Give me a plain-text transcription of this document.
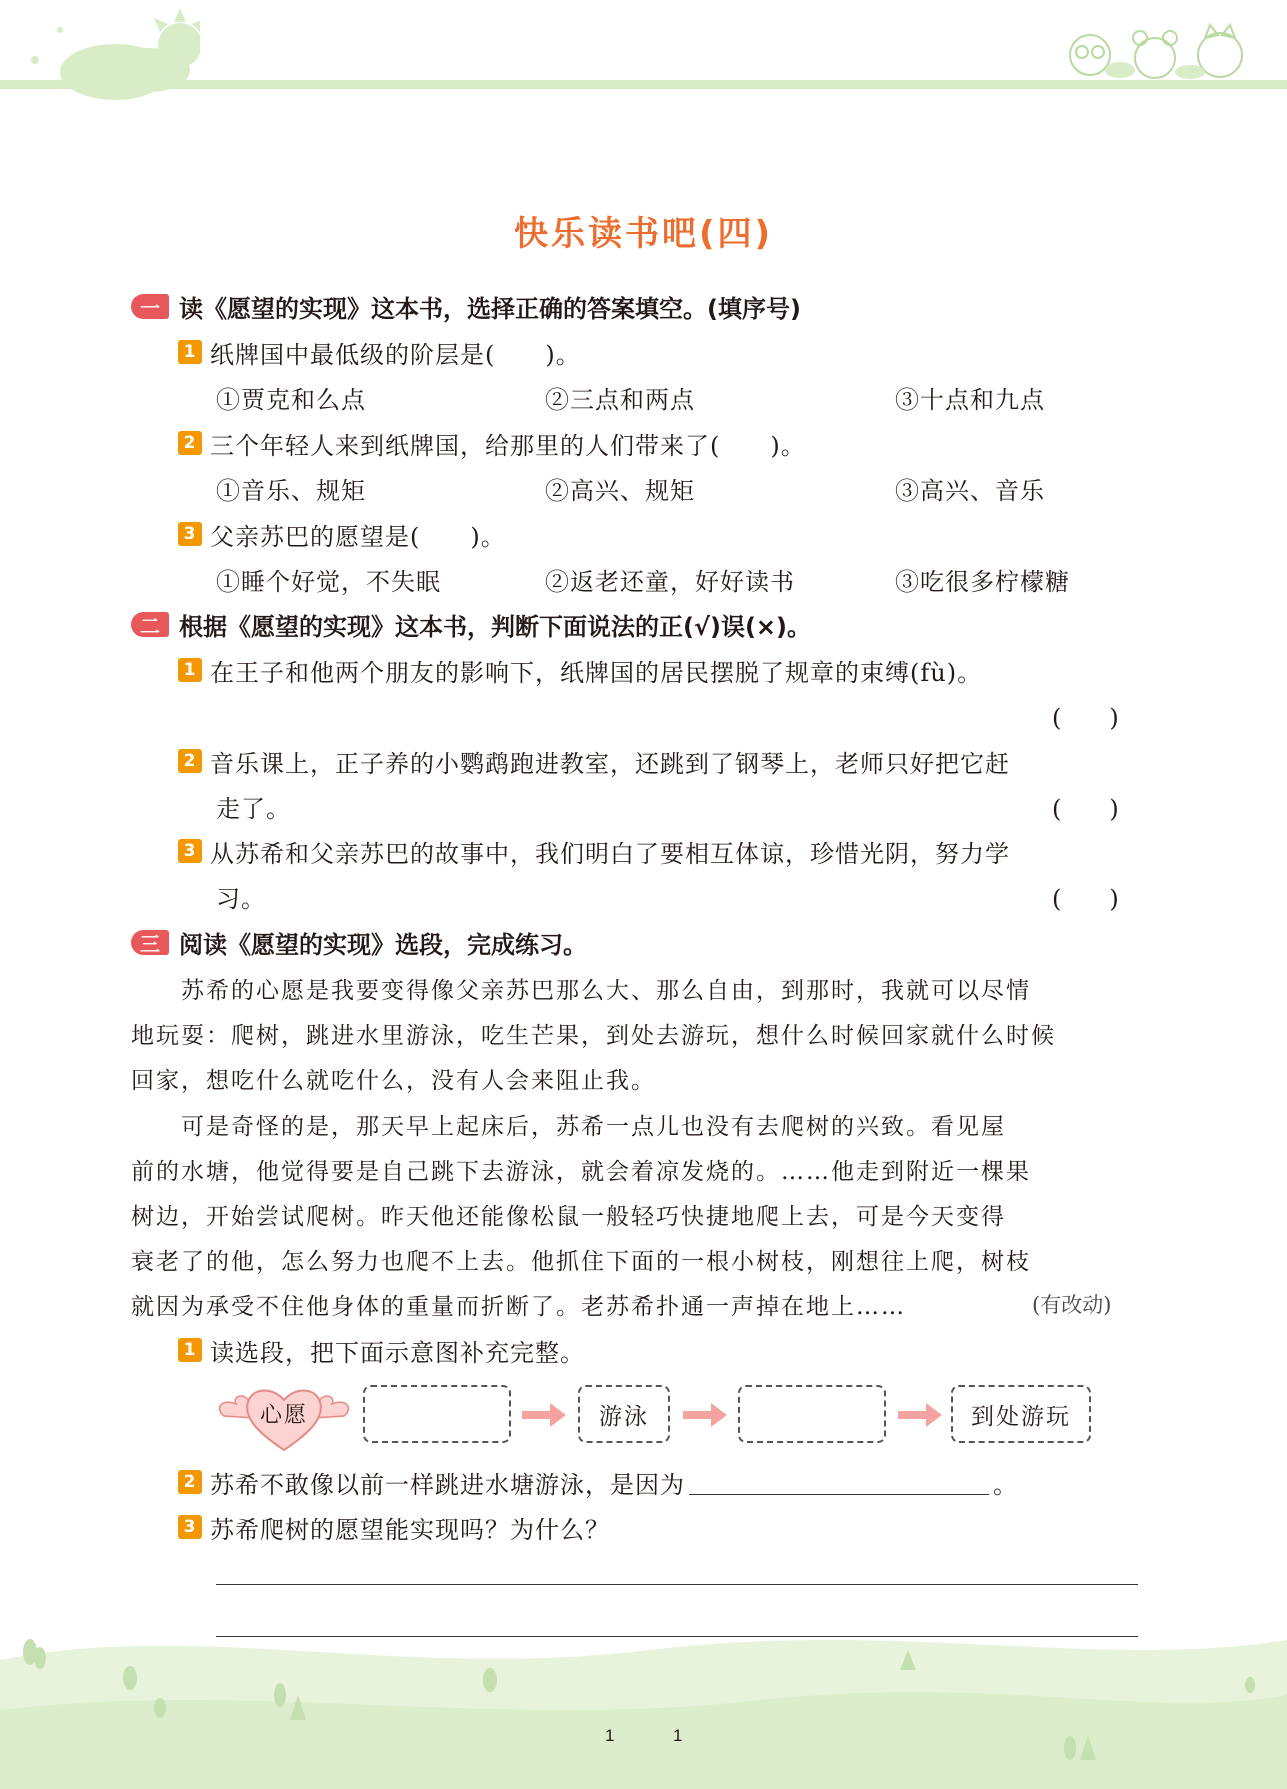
快乐读书吧(四)
一 读《愿望的实现》这本书，选择正确的答案填空。(填序号)
1 纸牌国中最低级的阶层是(　　)。
①贾克和么点	②三点和两点	③十点和九点
2 三个年轻人来到纸牌国，给那里的人们带来了(　　)。
①音乐、规矩	②高兴、规矩	③高兴、音乐
3 父亲苏巴的愿望是(　　)。
①睡个好觉，不失眠	②返老还童，好好读书	③吃很多柠檬糖
二 根据《愿望的实现》这本书，判断下面说法的正(√)误(×)。
1 在王子和他两个朋友的影响下，纸牌国的居民摆脱了规章的束缚(fù)。
(　　)
2 音乐课上，正子养的小鹦鹉跑进教室，还跳到了钢琴上，老师只好把它赶
走了。	(　　)
3 从苏希和父亲苏巴的故事中，我们明白了要相互体谅，珍惜光阴，努力学
习。	(　　)
三 阅读《愿望的实现》选段，完成练习。
　　苏希的心愿是我要变得像父亲苏巴那么大、那么自由，到那时，我就可以尽情
地玩耍：爬树，跳进水里游泳，吃生芒果，到处去游玩，想什么时候回家就什么时候
回家，想吃什么就吃什么，没有人会来阻止我。
　　可是奇怪的是，那天早上起床后，苏希一点儿也没有去爬树的兴致。看见屋
前的水塘，他觉得要是自己跳下去游泳，就会着凉发烧的。……他走到附近一棵果
树边，开始尝试爬树。昨天他还能像松鼠一般轻巧快捷地爬上去，可是今天变得
衰老了的他，怎么努力也爬不上去。他抓住下面的一根小树枝，刚想往上爬，树枝
就因为承受不住他身体的重量而折断了。老苏希扑通一声掉在地上……	(有改动)
1 读选段，把下面示意图补充完整。
心愿	游泳	到处游玩
2 苏希不敢像以前一样跳进水塘游泳，是因为	。
3 苏希爬树的愿望能实现吗？为什么？
1	1
